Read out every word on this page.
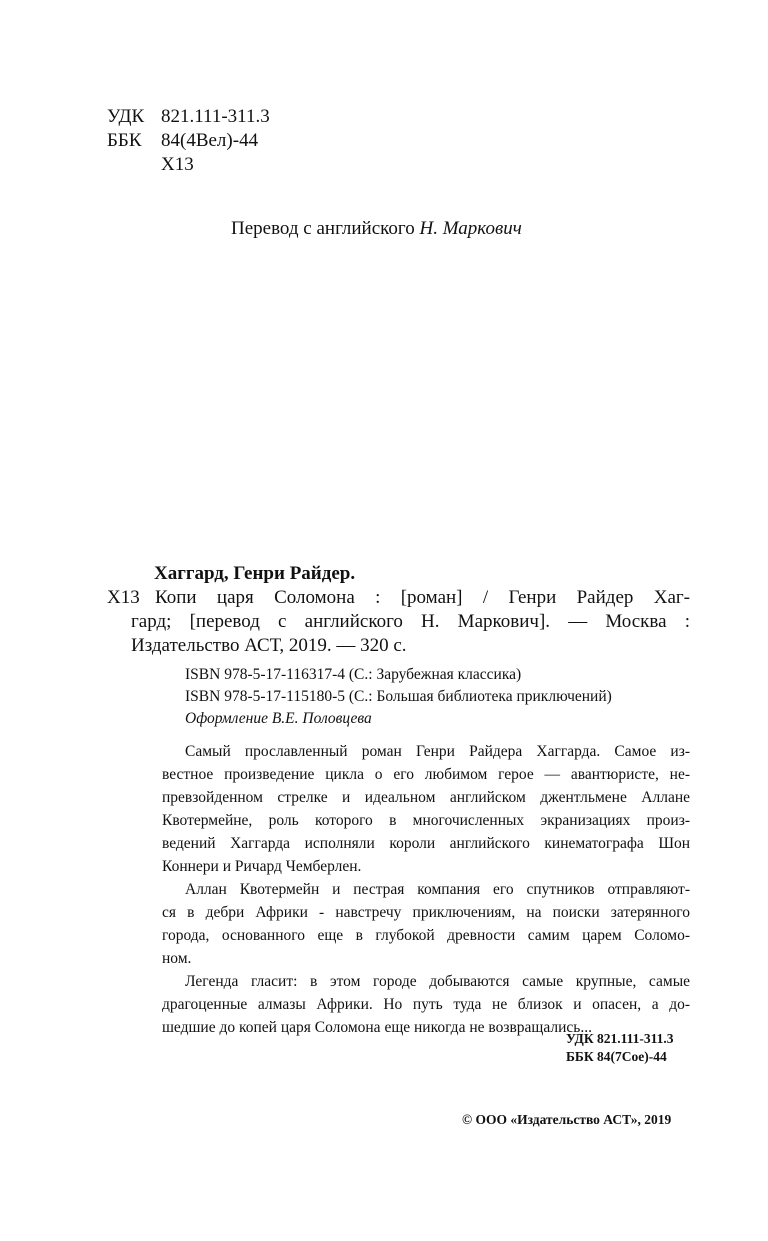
УДК 821.111-311.3
ББК 84(4Вел)-44
Х13
Перевод с английского Н. Маркович
Хаггард, Генри Райдер.
Х13 Копи царя Соломона : [роман] / Генри Райдер Хаг-
гард; [перевод с английского Н. Маркович]. — Москва :
Издательство АСТ, 2019. — 320 с.
ISBN 978-5-17-116317-4 (С.: Зарубежная классика)
ISBN 978-5-17-115180-5 (С.: Большая библиотека приключений)
Оформление В.Е. Половцева
Самый прославленный роман Генри Райдера Хаггарда. Самое из-
вестное произведение цикла о его любимом герое — авантюристе, не-
превзойденном стрелке и идеальном английском джентльмене Аллане
Квотермейне, роль которого в многочисленных экранизациях произ-
ведений Хаггарда исполняли короли английского кинематографа Шон
Коннери и Ричард Чемберлен.
Аллан Квотермейн и пестрая компания его спутников отправляют-
ся в дебри Африки - навстречу приключениям, на поиски затерянного
города, основанного еще в глубокой древности самим царем Соломо-
ном.
Легенда гласит: в этом городе добываются самые крупные, самые
драгоценные алмазы Африки. Но путь туда не близок и опасен, а до-
шедшие до копей царя Соломона еще никогда не возвращались...
УДК 821.111-311.3
ББК 84(7Сое)-44
© ООО «Издательство АСТ», 2019
